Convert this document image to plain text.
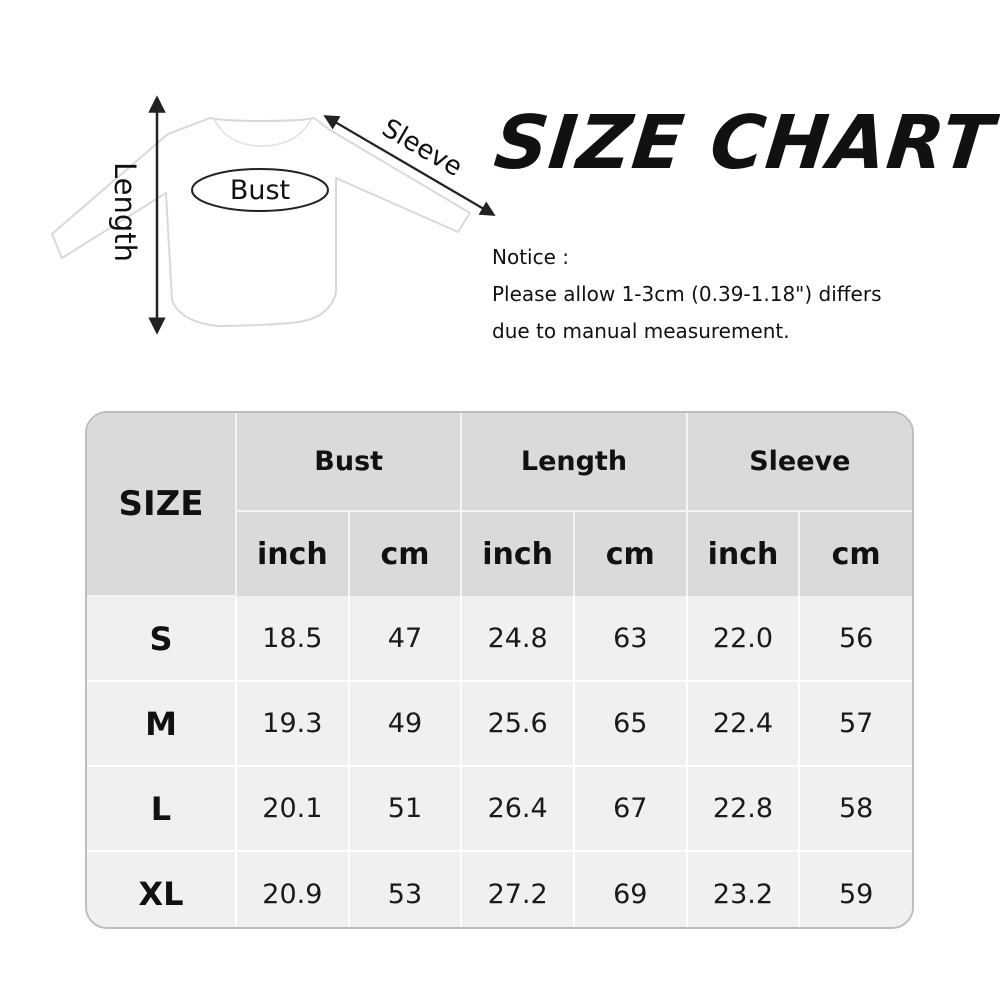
Length	Bust
Sleeve SIZE CHART
Notice :
Please allow 1-3cm (0.39-1.18") differs
due to manual measurement.
SIZE	Bust		Length		Sleeve	
	inch	cm	inch	cm	inch	cm
S	18.5	47	24.8	63	22.0	56
M	19.3	49	25.6	65	22.4	57
L	20.1	51	26.4	67	22.8	58
XL	20.9	53	27.2	69	23.2	59
